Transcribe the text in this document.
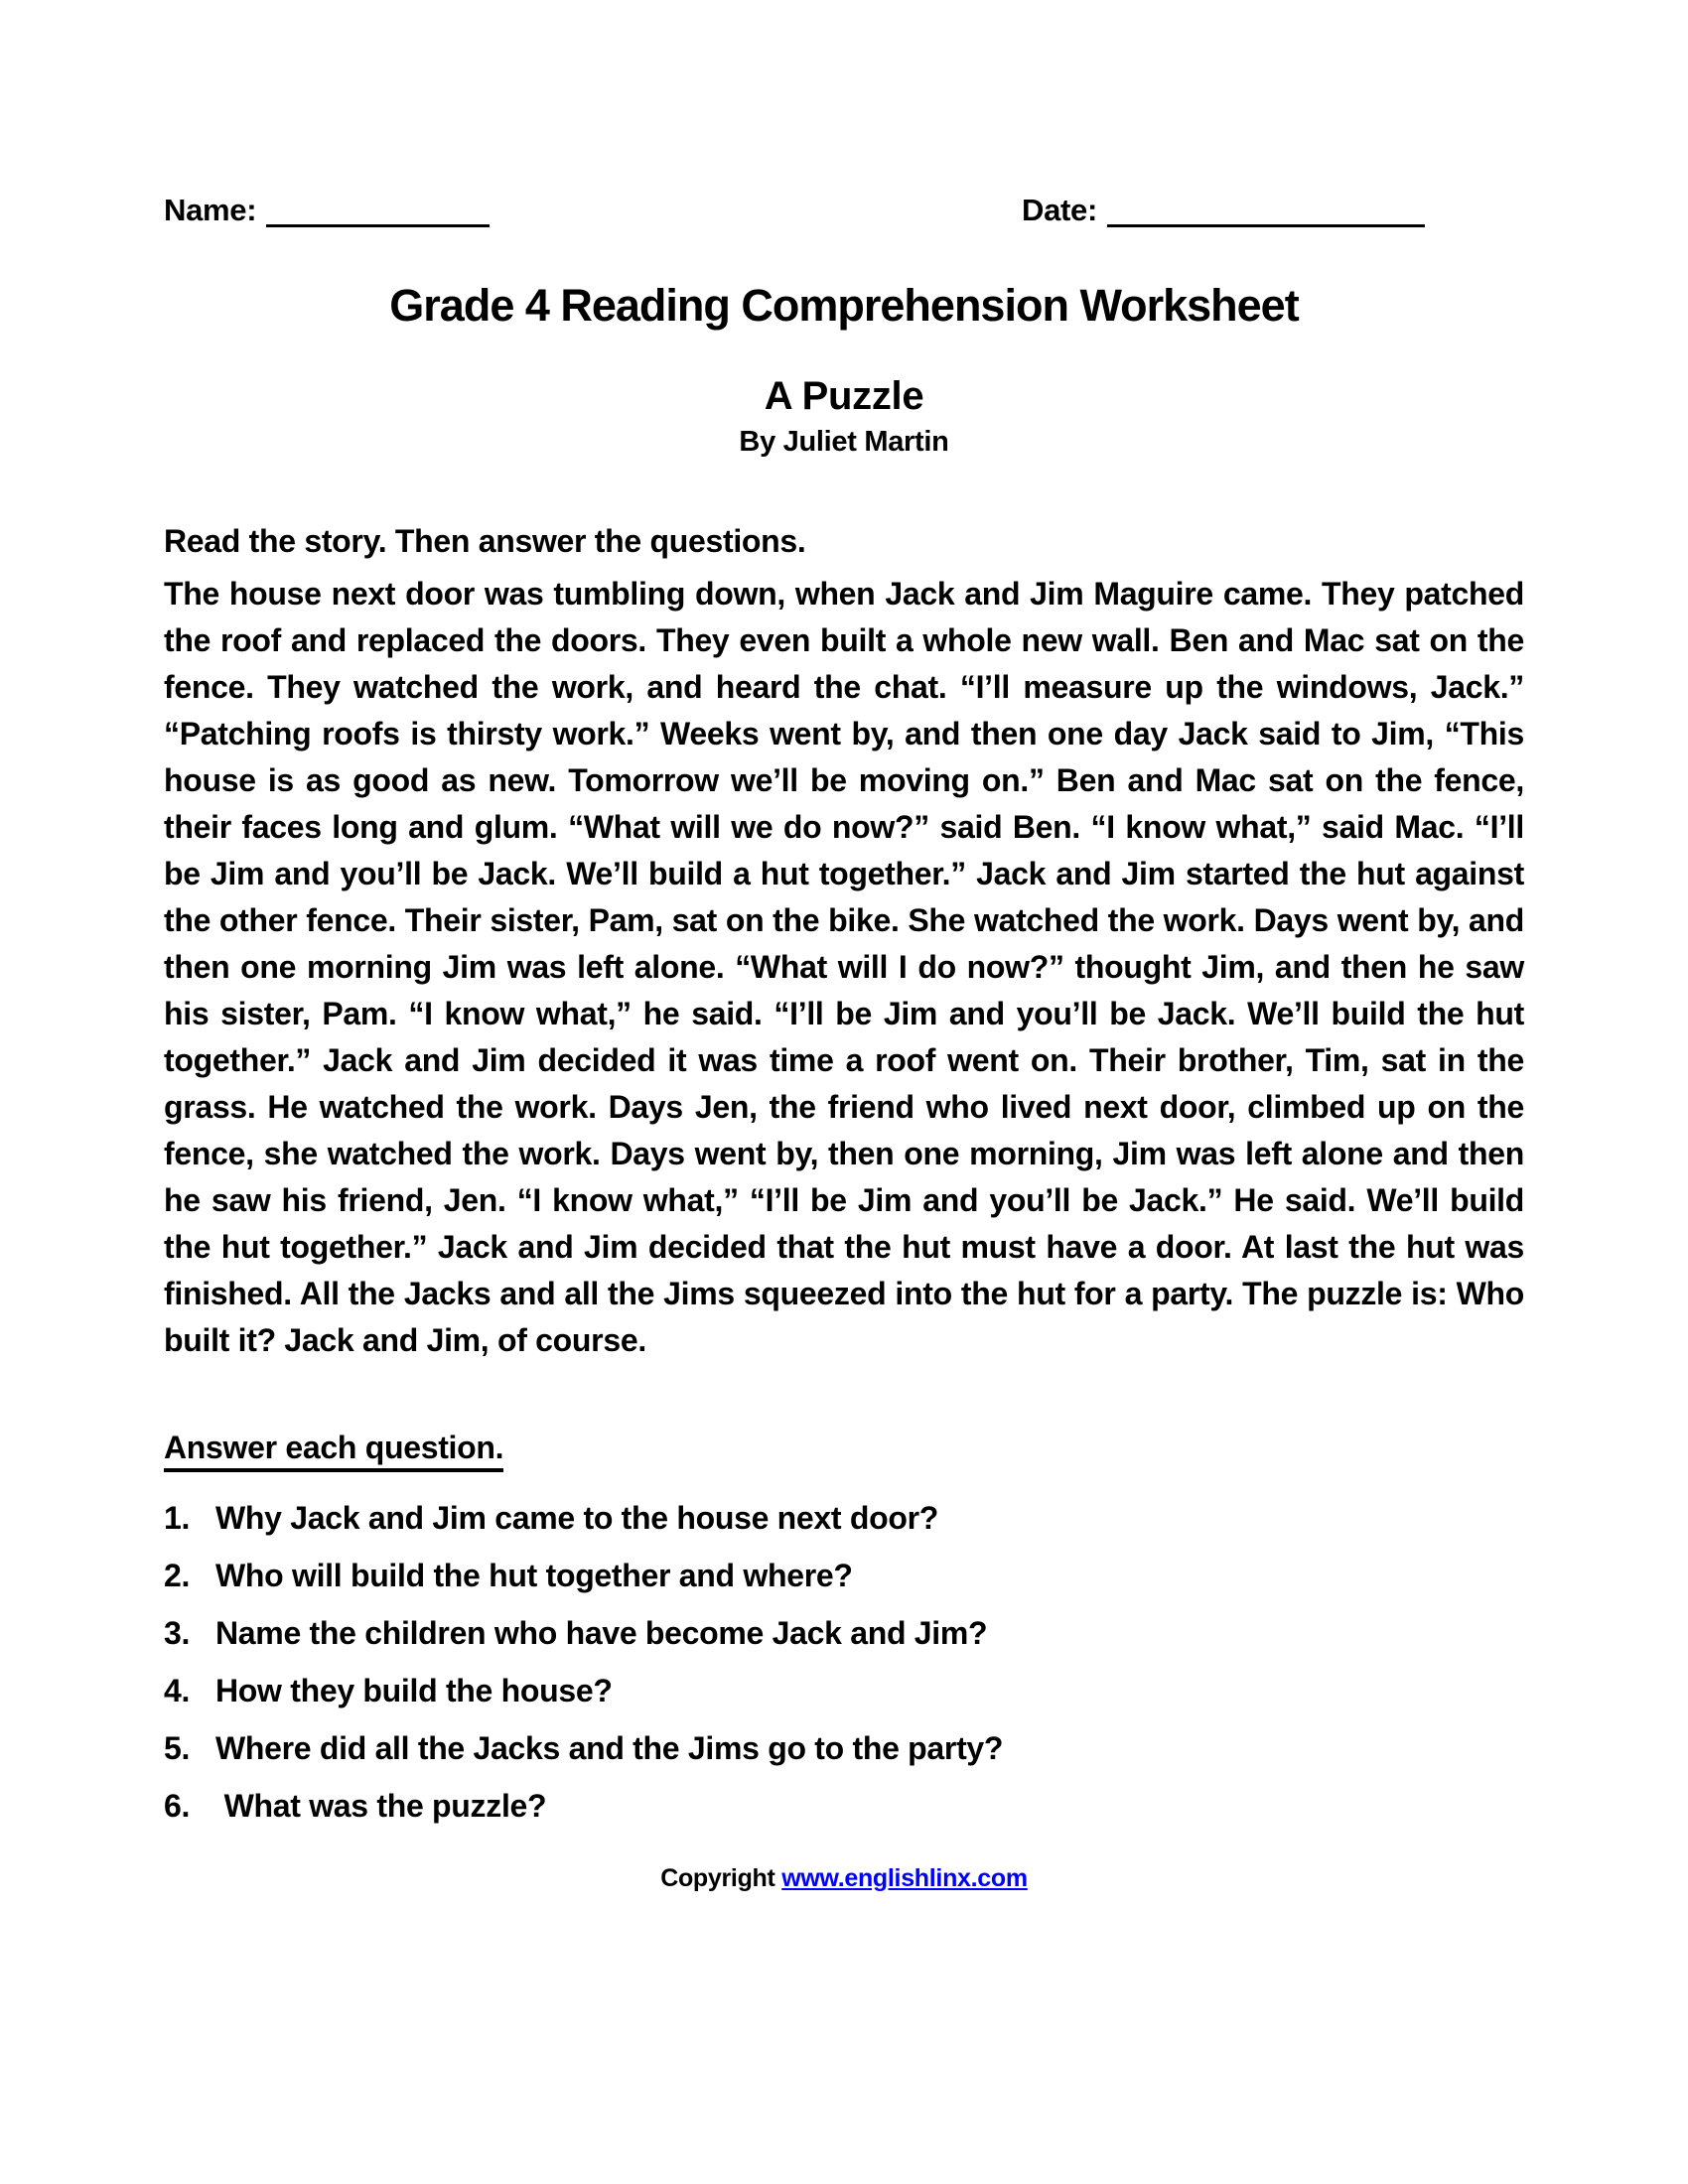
Name:	Date:
Grade 4 Reading Comprehension Worksheet
A Puzzle
By Juliet Martin
Read the story. Then answer the questions.

The house next door was tumbling down, when Jack and Jim Maguire came. They patched the roof and replaced the doors. They even built a whole new wall. Ben and Mac sat on the fence. They watched the work, and heard the chat. “I’ll measure up the windows, Jack.” “Patching roofs is thirsty work.” Weeks went by, and then one day Jack said to Jim, “This house is as good as new. Tomorrow we’ll be moving on.” Ben and Mac sat on the fence, their faces long and glum. “What will we do now?” said Ben. “I know what,” said Mac. “I’ll be Jim and you’ll be Jack. We’ll build a hut together.” Jack and Jim started the hut against the other fence. Their sister, Pam, sat on the bike. She watched the work. Days went by, and then one morning Jim was left alone. “What will I do now?” thought Jim, and then he saw his sister, Pam. “I know what,” he said. “I’ll be Jim and you’ll be Jack. We’ll build the hut together.” Jack and Jim decided it was time a roof went on. Their brother, Tim, sat in the grass. He watched the work. Days Jen, the friend who lived next door, climbed up on the fence, she watched the work. Days went by, then one morning, Jim was left alone and then he saw his friend, Jen. “I know what,” “I’ll be Jim and you’ll be Jack.” He said. We’ll build the hut together.” Jack and Jim decided that the hut must have a door. At last the hut was finished. All the Jacks and all the Jims squeezed into the hut for a party. The puzzle is: Who built it? Jack and Jim, of course.

Answer each question.
1. Why Jack and Jim came to the house next door?
2. Who will build the hut together and where?
3. Name the children who have become Jack and Jim?
4. How they build the house?
5. Where did all the Jacks and the Jims go to the party?
6. What was the puzzle?
Copyright www.englishlinx.com
